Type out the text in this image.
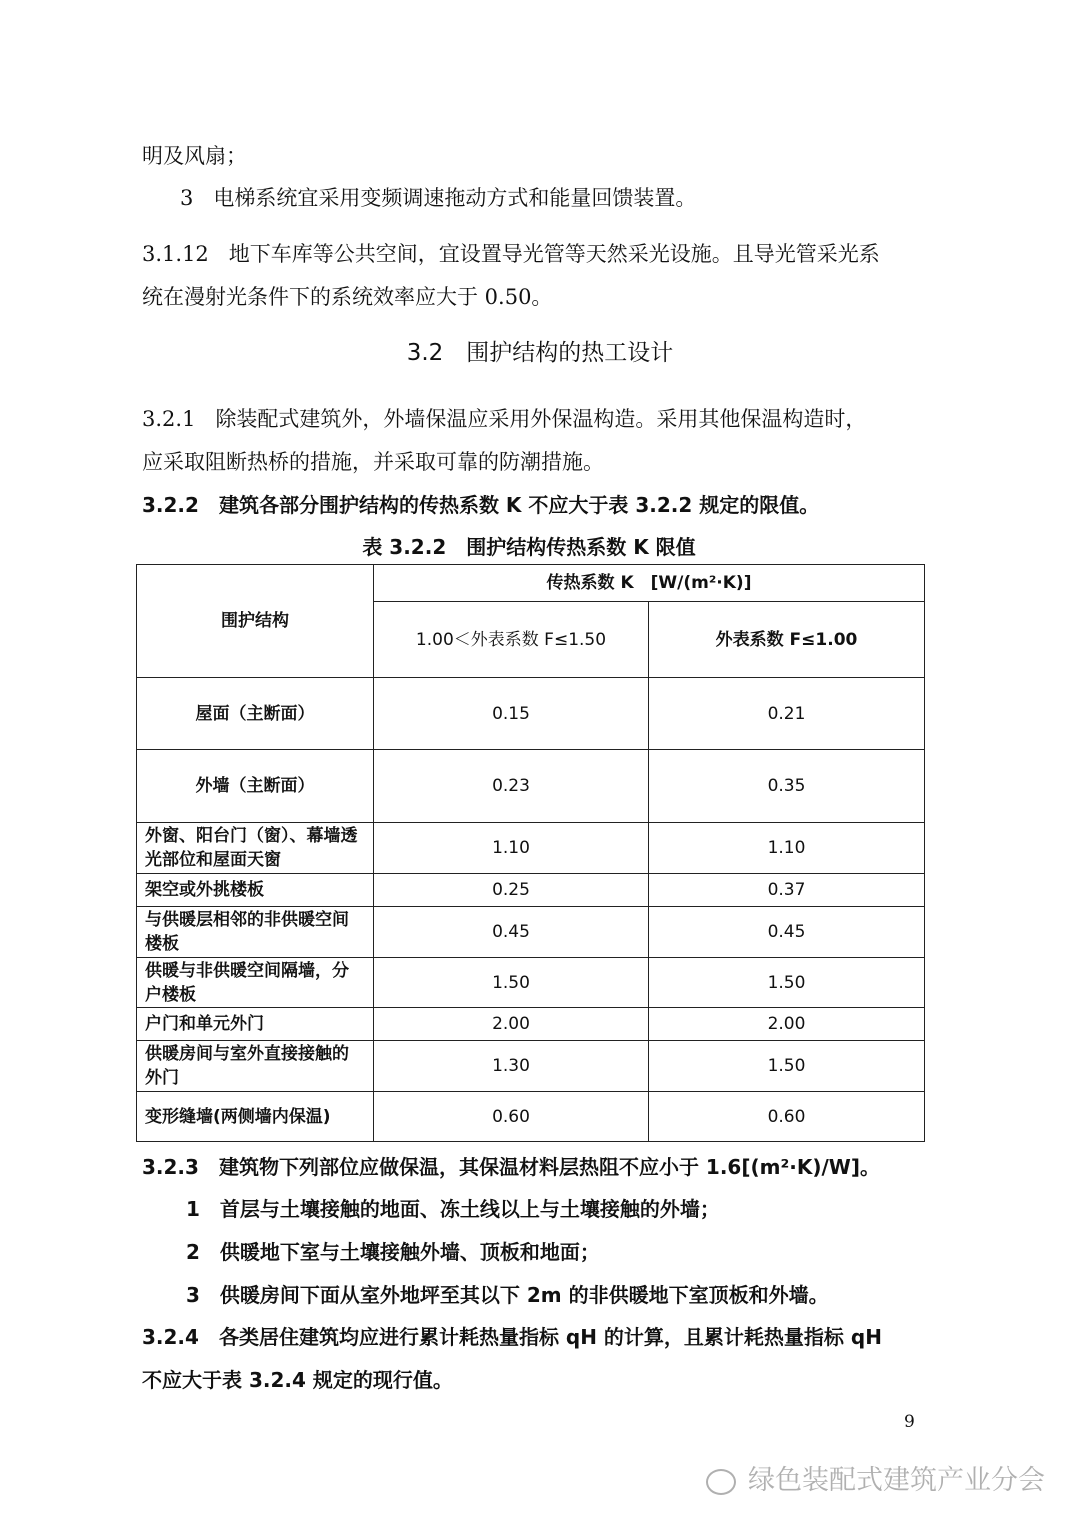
明及风扇；
3 电梯系统宜采用变频调速拖动方式和能量回馈装置。
3.1.12 地下车库等公共空间，宜设置导光管等天然采光设施。且导光管采光系
统在漫射光条件下的系统效率应大于 0.50。
3.2　围护结构的热工设计
3.2.1 除装配式建筑外，外墙保温应采用外保温构造。采用其他保温构造时，
应采取阻断热桥的措施，并采取可靠的防潮措施。
3.2.2 建筑各部分围护结构的传热系数 K 不应大于表 3.2.2 规定的限值。
表 3.2.2　围护结构传热系数 K 限值
围护结构	传热系数 K　[W/(m²·K)]	
	1.00＜外表系数 F≤1.50	外表系数 F≤1.00
屋面（主断面）	0.15	0.21
外墙（主断面）	0.23	0.35
外窗、阳台门（窗）、幕墙透光部位和屋面天窗	1.10	1.10
架空或外挑楼板	0.25	0.37
与供暖层相邻的非供暖空间楼板	0.45	0.45
供暖与非供暖空间隔墙，分户楼板	1.50	1.50
户门和单元外门	2.00	2.00
供暖房间与室外直接接触的外门	1.30	1.50
变形缝墙(两侧墙内保温)	0.60	0.60
3.2.3 建筑物下列部位应做保温，其保温材料层热阻不应小于 1.6[(m²·K)/W]。
1 首层与土壤接触的地面、冻土线以上与土壤接触的外墙；
2 供暖地下室与土壤接触外墙、顶板和地面；
3 供暖房间下面从室外地坪至其以下 2m 的非供暖地下室顶板和外墙。
3.2.4 各类居住建筑均应进行累计耗热量指标 qH 的计算，且累计耗热量指标 qH
不应大于表 3.2.4 规定的现行值。
9
绿色装配式建筑产业分会
